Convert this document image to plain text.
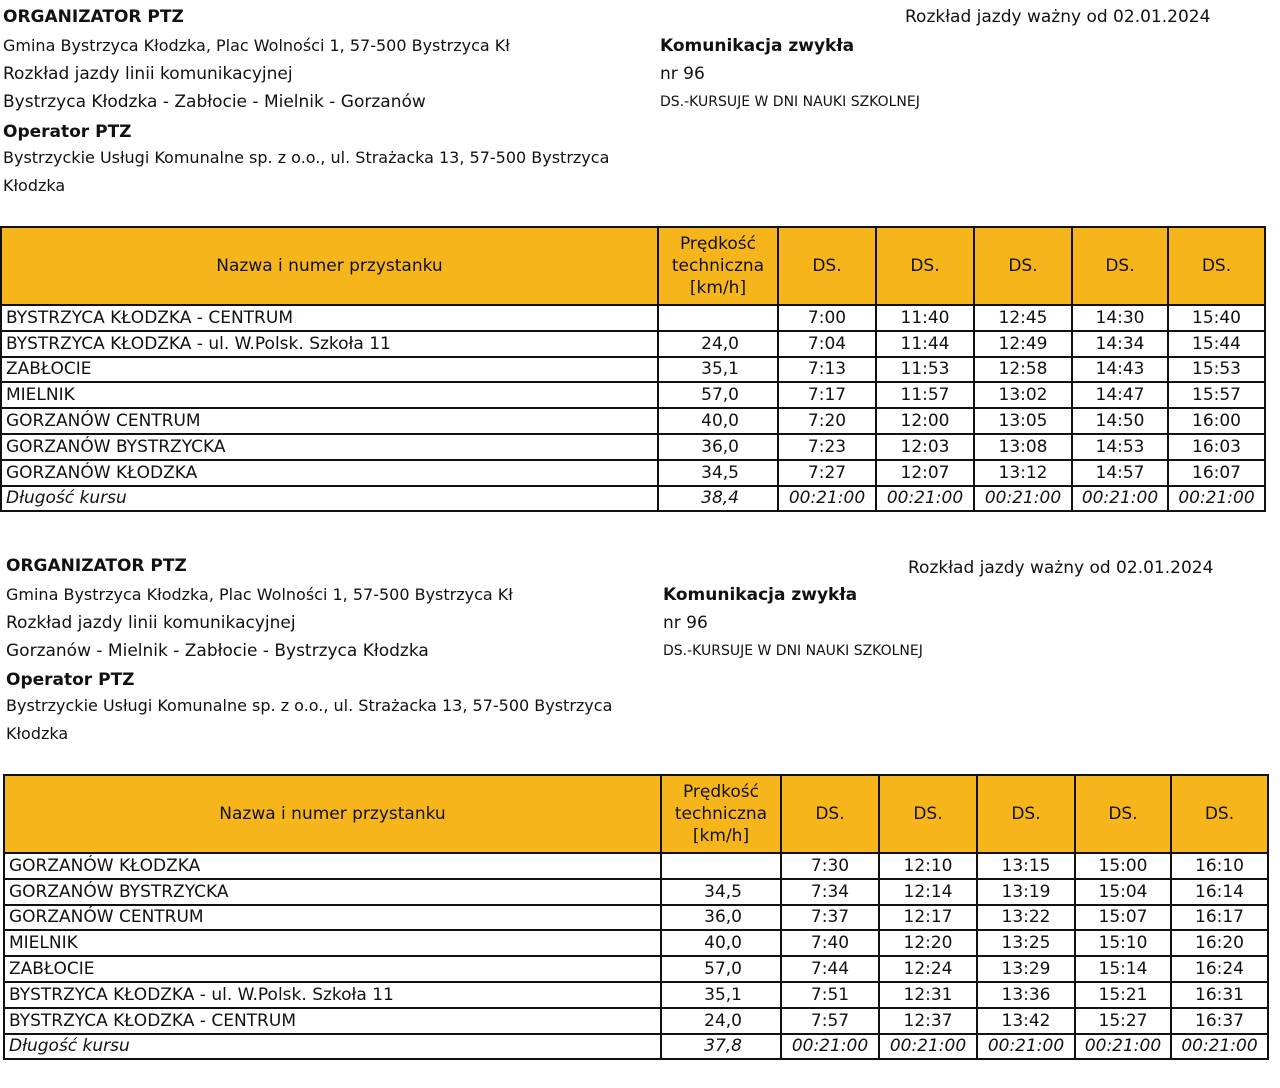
ORGANIZATOR PTZ
Gmina Bystrzyca Kłodzka, Plac Wolności 1, 57-500 Bystrzyca Kł
Rozkład jazdy linii komunikacyjnej
Bystrzyca Kłodzka - Zabłocie - Mielnik - Gorzanów
Operator PTZ
Bystrzyckie Usługi Komunalne sp. z o.o., ul. Strażacka 13, 57-500 Bystrzyca
Kłodzka
Rozkład jazdy ważny od 02.01.2024
Komunikacja zwykła
nr 96
DS.-KURSUJE W DNI NAUKI SZKOLNEJ
Nazwa i numer przystanku	Prędkość
techniczna
[km/h]	DS.	DS.	DS.	DS.	DS.
BYSTRZYCA KŁODZKA - CENTRUM		7:00	11:40	12:45	14:30	15:40
BYSTRZYCA KŁODZKA - ul. W.Polsk. Szkoła 11	24,0	7:04	11:44	12:49	14:34	15:44
ZABŁOCIE	35,1	7:13	11:53	12:58	14:43	15:53
MIELNIK	57,0	7:17	11:57	13:02	14:47	15:57
GORZANÓW CENTRUM	40,0	7:20	12:00	13:05	14:50	16:00
GORZANÓW BYSTRZYCKA	36,0	7:23	12:03	13:08	14:53	16:03
GORZANÓW KŁODZKA	34,5	7:27	12:07	13:12	14:57	16:07
Długość kursu	38,4	00:21:00	00:21:00	00:21:00	00:21:00	00:21:00
ORGANIZATOR PTZ
Gmina Bystrzyca Kłodzka, Plac Wolności 1, 57-500 Bystrzyca Kł
Rozkład jazdy linii komunikacyjnej
Gorzanów - Mielnik - Zabłocie - Bystrzyca Kłodzka
Operator PTZ
Bystrzyckie Usługi Komunalne sp. z o.o., ul. Strażacka 13, 57-500 Bystrzyca
Kłodzka
Rozkład jazdy ważny od 02.01.2024
Komunikacja zwykła
nr 96
DS.-KURSUJE W DNI NAUKI SZKOLNEJ
Nazwa i numer przystanku	Prędkość
techniczna
[km/h]	DS.	DS.	DS.	DS.	DS.
GORZANÓW KŁODZKA		7:30	12:10	13:15	15:00	16:10
GORZANÓW BYSTRZYCKA	34,5	7:34	12:14	13:19	15:04	16:14
GORZANÓW CENTRUM	36,0	7:37	12:17	13:22	15:07	16:17
MIELNIK	40,0	7:40	12:20	13:25	15:10	16:20
ZABŁOCIE	57,0	7:44	12:24	13:29	15:14	16:24
BYSTRZYCA KŁODZKA - ul. W.Polsk. Szkoła 11	35,1	7:51	12:31	13:36	15:21	16:31
BYSTRZYCA KŁODZKA - CENTRUM	24,0	7:57	12:37	13:42	15:27	16:37
Długość kursu	37,8	00:21:00	00:21:00	00:21:00	00:21:00	00:21:00
